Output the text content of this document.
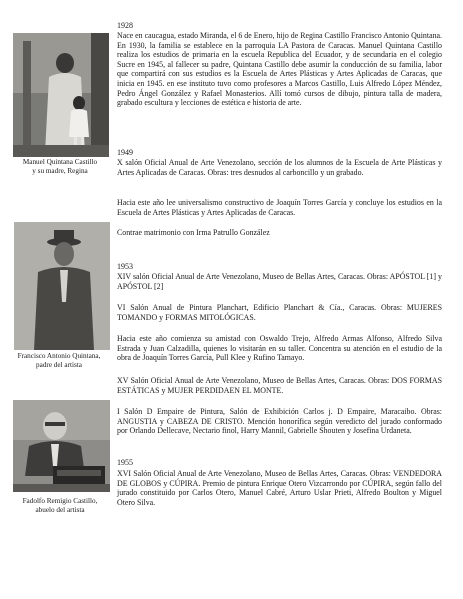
Manuel Quintana Castillo
y su madre, Regina
Francisco Antonio Quintana,
padre del artista
Fadolfo Remigio Castillo,
abuelo del artista
1928
Nace en caucagua, estado Miranda, el 6 de Enero, hijo de Regina Castillo Francisco Antonio Quintana. En 1930, la familia se establece en la parroquia LA Pastora de Caracas. Manuel Quintana Castillo realiza los estudios de primaria en la escuela Republica del Ecuador, y de secundaria en el colegio Sucre en 1945, al fallecer su padre, Quintana Castillo debe asumir la conducción de su familia, labor que compartirá con sus estudios es la Escuela de Artes Plásticas y Artes Aplicadas de Caracas, que inicia en 1945. en ese instituto tuvo como profesores a Marcos Castillo, Luis Alfredo López Méndez, Pedro Ángel González y Rafael Monasterios. Allí tomó cursos de dibujo, pintura talla de madera, grabado escultura y lecciones de estética e historia de arte.
1949
X salón Oficial Anual de Arte Venezolano, sección de los alumnos de la Escuela de Arte Plásticas y Artes Aplicadas de Caracas. Obras: tres desnudos al carboncillo y un grabado.
Hacia este año lee universalismo constructivo de Joaquín Torres García y concluye los estudios en la Escuela de Artes Plásticas y Artes Aplicadas de Caracas.
Contrae matrimonio con Irma Patrullo González
1953
XIV salón Oficial Anual de Arte Venezolano, Museo de Bellas Artes, Caracas. Obras: APÓSTOL [1] y APÓSTOL [2]
VI Salón Anual de Pintura Planchart, Edificio Planchart & Cía., Caracas. Obras: MUJERES TOMANDO y FORMAS MITOLÓGICAS.
Hacia este año comienza su amistad con Oswaldo Trejo, Alfredo Armas Alfonso, Alfredo Silva Estrada y Juan Calzadilla, quienes lo visitarán en su taller. Concentra su atención en el estudio de la obra de Joaquín Torres García, Pull Klee y Rufino Tamayo.
XV Salón Oficial Anual de Arte Venezolano, Museo de Bellas Artes, Caracas. Obras: DOS FORMAS ESTÁTICAS y MUJER PERDIDAEN EL MONTE.
I Salón D Empaire de Pintura, Salón de Exhibición Carlos j. D Empaire, Maracaibo. Obras: ANGUSTIA y CABEZA DE CRISTO. Mención honorífica según veredicto del jurado conformado por Orlando Dellecave, Nectario finol, Harry Mannil, Gabrielle Shouten y Josefina Urdaneta.
1955
XVI Salón Oficial Anual de Arte Venezolano, Museo de Bellas Artes, Caracas. Obras: VENDEDORA DE GLOBOS y CÚPIRA. Premio de pintura Enrique Otero Vizcarrondo por CÚPIRA, según fallo del jurado constituido por Carlos Otero, Manuel Cabré, Arturo Uslar Prieti, Alfredo Boulton y Miguel Otero Silva.
